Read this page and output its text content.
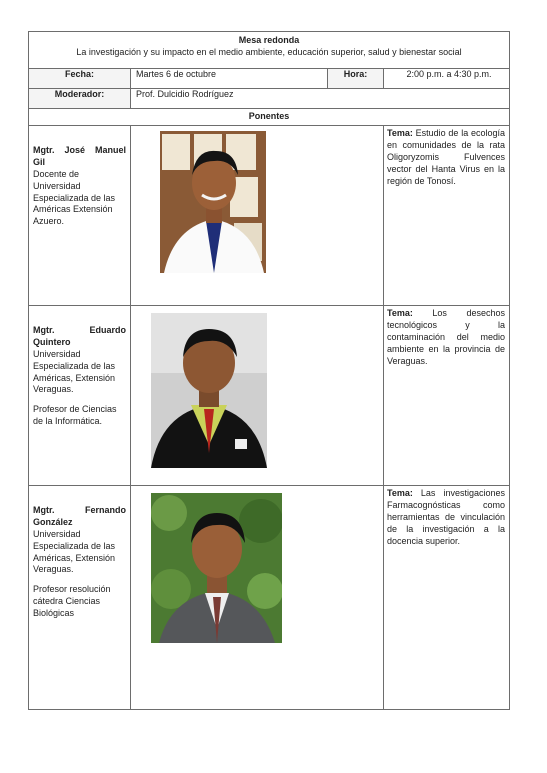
Mesa redonda
La investigación y su impacto en el medio ambiente, educación superior, salud y bienestar social			

Fecha:	Martes 6 de octubre	Hora:	2:00 p.m. a 4:30 p.m.
Moderador:	Prof. Dulcidio Rodríguez		
Ponentes			

Mgtr. José Manuel
Gil

Docente de Universidad Especializada de las Américas Extensión Azuero.			Tema: Estudio de la ecología en comunidades de la rata Oligoryzomis Fulvences vector del Hanta Virus en la región de Tonosí.

Mgtr. Eduardo
Quintero

Universidad Especializada de las Américas, Extensión Veraguas.

Profesor de Ciencias de la Informática.			Tema: Los desechos tecnológicos y la contaminación del medio ambiente en la provincia de Veraguas.

Mgtr. Fernando
González

Universidad Especializada de las Américas, Extensión Veraguas.

Profesor resolución cátedra Ciencias Biológicas			Tema: Las investigaciones Farmacognósticas como herramientas de vinculación de la investigación a la docencia superior.
